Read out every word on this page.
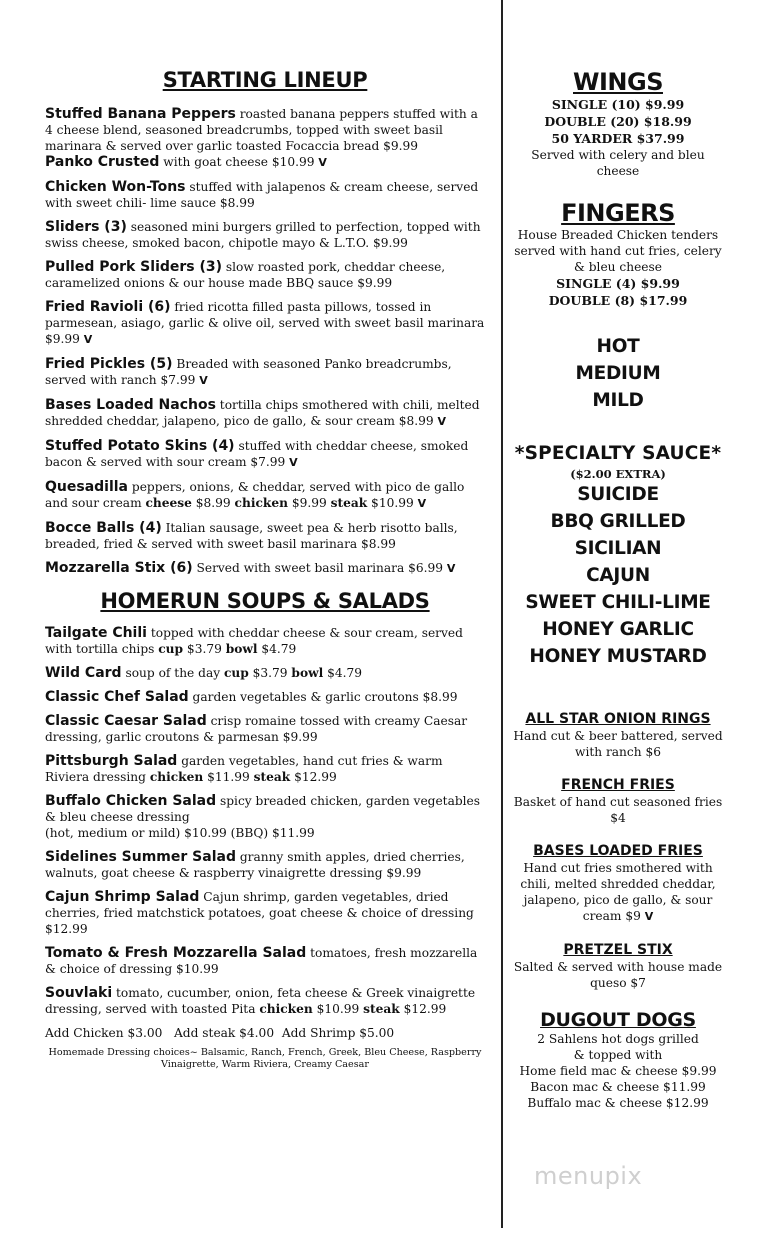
STARTING LINEUP
Stuffed Banana Peppers roasted banana peppers stuffed with a 4 cheese blend, seasoned breadcrumbs, topped with sweet basil marinara & served over garlic toasted Focaccia bread $9.99
Panko Crusted with goat cheese $10.99 V
Chicken Won-Tons stuffed with jalapenos & cream cheese, served with sweet chili- lime sauce $8.99
Sliders (3) seasoned mini burgers grilled to perfection, topped with swiss cheese, smoked bacon, chipotle mayo & L.T.O. $9.99
Pulled Pork Sliders (3) slow roasted pork, cheddar cheese, caramelized onions & our house made BBQ sauce $9.99
Fried Ravioli (6) fried ricotta filled pasta pillows, tossed in parmesean, asiago, garlic & olive oil, served with sweet basil marinara $9.99 V
Fried Pickles (5) Breaded with seasoned Panko breadcrumbs, served with ranch $7.99 V
Bases Loaded Nachos tortilla chips smothered with chili, melted shredded cheddar, jalapeno, pico de gallo, & sour cream $8.99 V
Stuffed Potato Skins (4) stuffed with cheddar cheese, smoked bacon & served with sour cream $7.99 V
Quesadilla peppers, onions, & cheddar, served with pico de gallo and sour cream cheese $8.99 chicken $9.99 steak $10.99 V
Bocce Balls (4) Italian sausage, sweet pea & herb risotto balls, breaded, fried & served with sweet basil marinara $8.99
Mozzarella Stix (6) Served with sweet basil marinara $6.99 V
HOMERUN SOUPS & SALADS
Tailgate Chili topped with cheddar cheese & sour cream, served with tortilla chips cup $3.79 bowl $4.79
Wild Card soup of the day cup $3.79 bowl $4.79
Classic Chef Salad garden vegetables & garlic croutons $8.99
Classic Caesar Salad crisp romaine tossed with creamy Caesar dressing, garlic croutons & parmesan $9.99
Pittsburgh Salad garden vegetables, hand cut fries & warm Riviera dressing chicken $11.99 steak $12.99
Buffalo Chicken Salad spicy breaded chicken, garden vegetables & bleu cheese dressing
(hot, medium or mild) $10.99 (BBQ) $11.99
Sidelines Summer Salad granny smith apples, dried cherries, walnuts, goat cheese & raspberry vinaigrette dressing $9.99
Cajun Shrimp Salad Cajun shrimp, garden vegetables, dried cherries, fried matchstick potatoes, goat cheese & choice of dressing $12.99
Tomato & Fresh Mozzarella Salad tomatoes, fresh mozzarella & choice of dressing $10.99
Souvlaki tomato, cucumber, onion, feta cheese & Greek vinaigrette dressing, served with toasted Pita chicken $10.99 steak $12.99
Add Chicken $3.00   Add steak $4.00  Add Shrimp $5.00
Homemade Dressing choices~ Balsamic, Ranch, French, Greek, Bleu Cheese, Raspberry Vinaigrette, Warm Riviera, Creamy Caesar
WINGS
SINGLE (10) $9.99
DOUBLE (20) $18.99
50 YARDER $37.99
Served with celery and bleu cheese
FINGERS
House Breaded Chicken tenders served with hand cut fries, celery & bleu cheese
SINGLE (4) $9.99
DOUBLE (8) $17.99
HOT
MEDIUM
MILD
*SPECIALTY SAUCE*
($2.00 EXTRA)
SUICIDE
BBQ GRILLED
SICILIAN
CAJUN
SWEET CHILI-LIME
HONEY GARLIC
HONEY MUSTARD
ALL STAR ONION RINGS
Hand cut & beer battered, served with ranch $6
FRENCH FRIES
Basket of hand cut seasoned fries $4
BASES LOADED FRIES
Hand cut fries smothered with chili, melted shredded cheddar, jalapeno, pico de gallo, & sour cream $9 V
PRETZEL STIX
Salted & served with house made queso $7
DUGOUT DOGS
2 Sahlens hot dogs grilled
& topped with
Home field mac & cheese $9.99
Bacon mac & cheese $11.99
Buffalo mac & cheese $12.99
menupix
